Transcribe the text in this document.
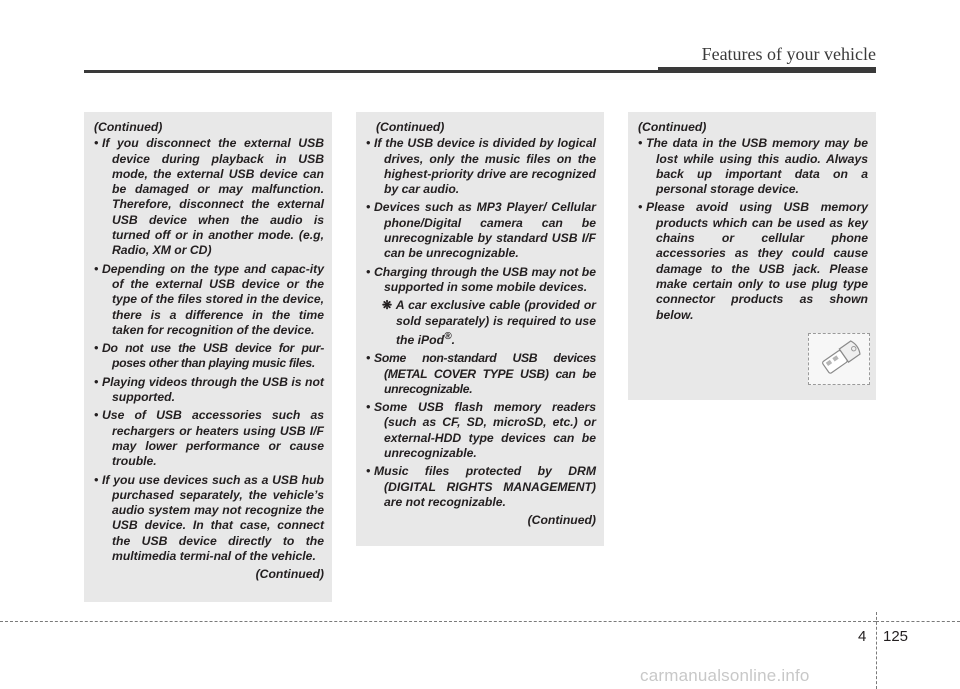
Features of your vehicle
(Continued)
• If you disconnect the external USB device during playback in USB mode, the external USB device can be damaged or may malfunction. Therefore, disconnect the external USB device when the audio is turned off or in another mode. (e.g, Radio, XM or CD)
• Depending on the type and capac-ity of the external USB device or the type of the files stored in the device, there is a difference in the time taken for recognition of the device.
• Do not use the USB device for pur-poses other than playing music files.
• Playing videos through the USB is not supported.
• Use of USB accessories such as rechargers or heaters using USB I/F may lower performance or cause trouble.
• If you use devices such as a USB hub purchased separately, the vehicle’s audio system may not recognize the USB device. In that case, connect the USB device directly to the multimedia termi-nal of the vehicle.
(Continued)
(Continued)
• If the USB device is divided by logical drives, only the music files on the highest-priority drive are recognized by car audio.
• Devices such as MP3 Player/ Cellular phone/Digital camera can be unrecognizable by standard USB I/F can be unrecognizable.
• Charging through the USB may not be supported in some mobile devices.
❋ A car exclusive cable (provided or sold separately) is required to use the iPod®.
• Some non-standard USB devices (METAL COVER TYPE USB) can be unrecognizable.
• Some USB flash memory readers (such as CF, SD, microSD, etc.) or external-HDD type devices can be unrecognizable.
• Music files protected by DRM (DIGITAL RIGHTS MANAGEMENT) are not recognizable.
(Continued)
(Continued)
• The data in the USB memory may be lost while using this audio. Always back up important data on a personal storage device.
• Please avoid using USB memory products which can be used as key chains or cellular phone accessories as they could cause damage to the USB jack. Please make certain only to use plug type connector products as shown below.
4 125
carmanualsonline.info
